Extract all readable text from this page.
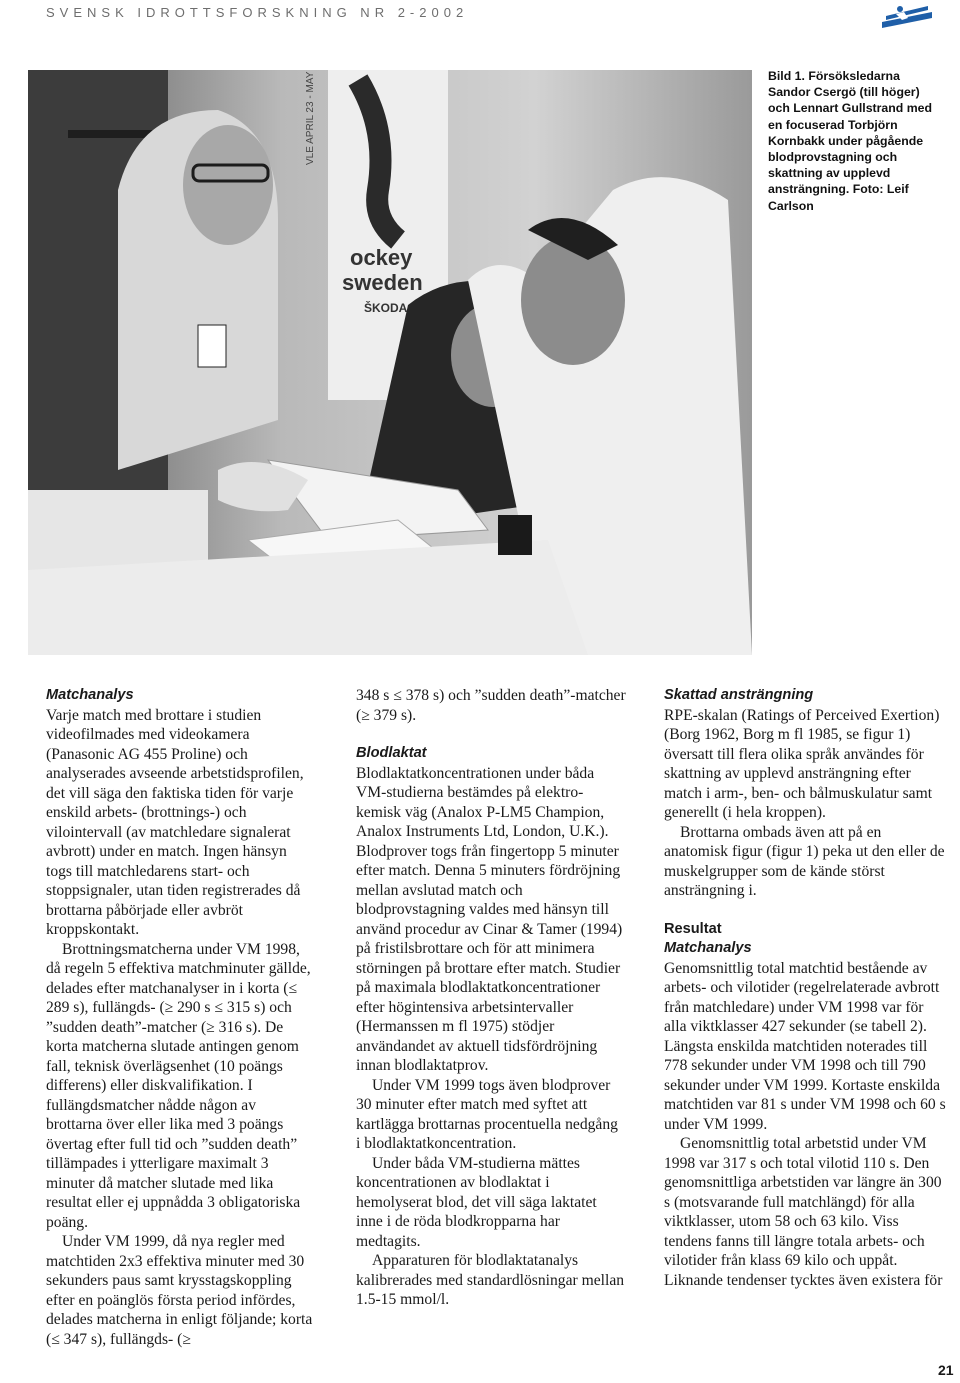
SVENSK IDROTTSFORSKNING NR 2-2002
ockey
sweden
ŠKODA
VLE APRIL 23 - MAY	Bild 1. Försöksledarna Sandor Csergö (till höger) och Lennart Gullstrand med en focuserad Torbjörn Kornbakk under pågående blodprovstagning och skattning av upplevd ansträngning. Foto: Leif Carlson

Matchanalys

Varje match med brottare i studien videofilmades med videokamera (Panasonic AG 455 Proline) och analyserades avseende arbetstidsprofilen, det vill säga den faktiska tiden för varje enskild arbets- (brottnings-) och vilointervall (av matchledare signalerat avbrott) under en match. Ingen hänsyn togs till matchledarens start- och stoppsignaler, utan tiden registrerades då brottarna påbörjade eller avbröt kroppskontakt.

Brottningsmatcherna under VM 1998, då regeln 5 effektiva matchminuter gällde, delades efter matchanalyser in i korta (≤ 289 s), fullängds- (≥ 290 s ≤ 315 s) och ”sudden death”-matcher (≥ 316 s). De korta matcherna slutade antingen genom fall, teknisk överlägsenhet (10 poängs differens) eller diskvalifikation. I fullängdsmatcher nådde någon av brottarna över eller lika med 3 poängs övertag efter full tid och ”sudden death” tillämpades i ytterligare maximalt 3 minuter då matcher slutade med lika resultat eller ej uppnådda 3 obligatoriska poäng.

Under VM 1999, då nya regler med matchtiden 2x3 effektiva minuter med 30 sekunders paus samt krysstagskoppling efter en poänglös första period infördes, delades matcherna in enligt följande; korta (≤ 347 s), fullängds- (≥

348 s ≤ 378 s) och ”sudden death”-matcher (≥ 379 s).

Blodlaktat

Blodlaktatkoncentrationen under båda VM-studierna bestämdes på elektro-kemisk väg (Analox P-LM5 Champion, Analox Instruments Ltd, London, U.K.). Blodprover togs från fingertopp 5 minuter efter match. Denna 5 minuters fördröjning mellan avslutad match och blodprovstagning valdes med hänsyn till använd procedur av Cinar & Tamer (1994) på fristilsbrottare och för att minimera störningen på brottare efter match. Studier på maximala blodlaktatkoncentrationer efter högintensiva arbetsintervaller (Hermanssen m fl 1975) stödjer användandet av aktuell tidsfördröjning innan blodlaktatprov.

Under VM 1999 togs även blodprover 30 minuter efter match med syftet att kartlägga brottarnas procentuella nedgång i blodlaktatkoncentration.

Under båda VM-studierna mättes koncentrationen av blodlaktat i hemolyserat blod, det vill säga laktatet inne i de röda blodkropparna har medtagits.

Apparaturen för blodlaktatanalys kalibrerades med standardlösningar mellan 1.5-15 mmol/l.

Skattad ansträngning

RPE-skalan (Ratings of Perceived Exertion) (Borg 1962, Borg m fl 1985, se figur 1) översatt till flera olika språk användes för skattning av upplevd ansträngning efter match i arm-, ben- och bålmuskulatur samt generellt (i hela kroppen).

Brottarna ombads även att på en anatomisk figur (figur 1) peka ut den eller de muskelgrupper som de kände störst ansträngning i.

Resultat

Matchanalys

Genomsnittlig total matchtid bestående av arbets- och vilotider (regelrelaterade avbrott från matchledare) under VM 1998 var för alla viktklasser 427 sekunder (se tabell 2). Längsta enskilda matchtiden noterades till 778 sekunder under VM 1998 och till 790 sekunder under VM 1999. Kortaste enskilda matchtiden var 81 s under VM 1998 och 60 s under VM 1999.

Genomsnittlig total arbetstid under VM 1998 var 317 s och total vilotid 110 s. Den genomsnittliga arbetstiden var längre än 300 s (motsvarande full matchlängd) för alla viktklasser, utom 58 och 63 kilo. Viss tendens fanns till längre totala arbets- och vilotider från klass 69 kilo och uppåt. Liknande tendenser tycktes även existera för

21
